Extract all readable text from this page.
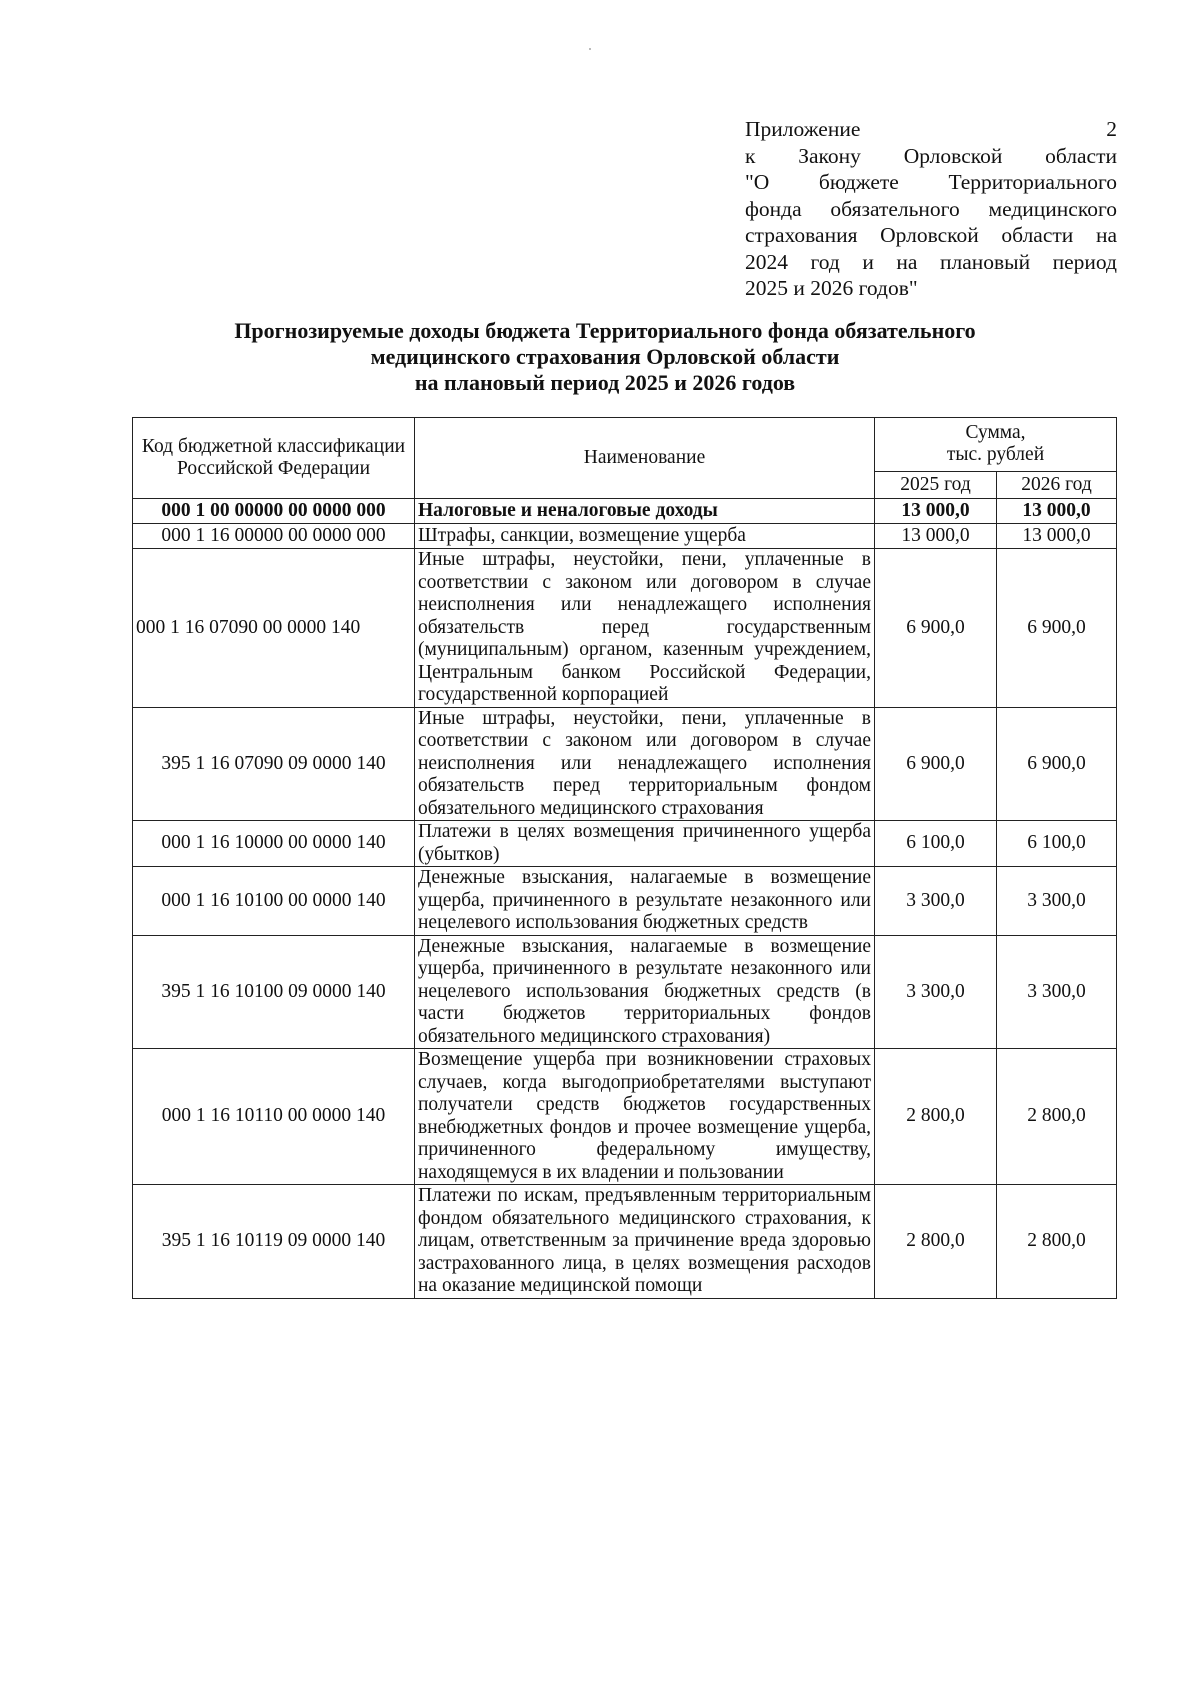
Приложение 2
к Закону Орловской области
"О бюджете Территориального
фонда обязательного медицинского
страхования Орловской области на
2024 год и на плановый период
2025 и 2026 годов"
Прогнозируемые доходы бюджета Территориального фонда обязательного
медицинского страхования Орловской области
на плановый период 2025 и 2026 годов
Код бюджетной классификации Российской Федерации	Наименование	Сумма,
тыс. рублей	

		2025 год	2026 год
000 1 00 00000 00 0000 000	Налоговые и неналоговые доходы	13 000,0	13 000,0
000 1 16 00000 00 0000 000	Штрафы, санкции, возмещение ущерба	13 000,0	13 000,0
000 1 16 07090 00 0000 140	Иные штрафы, неустойки, пени, уплаченные в соответствии с законом или договором в случае неисполнения или ненадлежащего исполнения обязательств перед государственным (муниципальным) органом, казенным учреждением, Центральным банком Российской Федерации, государственной корпорацией	6 900,0	6 900,0
395 1 16 07090 09 0000 140	Иные штрафы, неустойки, пени, уплаченные в соответствии с законом или договором в случае неисполнения или ненадлежащего исполнения обязательств перед территориальным фондом обязательного медицинского страхования	6 900,0	6 900,0
000 1 16 10000 00 0000 140	Платежи в целях возмещения причиненного ущерба (убытков)	6 100,0	6 100,0
000 1 16 10100 00 0000 140	Денежные взыскания, налагаемые в возмещение ущерба, причиненного в результате незаконного или нецелевого использования бюджетных средств	3 300,0	3 300,0
395 1 16 10100 09 0000 140	Денежные взыскания, налагаемые в возмещение ущерба, причиненного в результате незаконного или нецелевого использования бюджетных средств (в части бюджетов территориальных фондов обязательного медицинского страхования)	3 300,0	3 300,0
000 1 16 10110 00 0000 140	Возмещение ущерба при возникновении страховых случаев, когда выгодоприобретателями выступают получатели средств бюджетов государственных внебюджетных фондов и прочее возмещение ущерба, причиненного федеральному имуществу, находящемуся в их владении и пользовании	2 800,0	2 800,0
395 1 16 10119 09 0000 140	Платежи по искам, предъявленным территориальным фондом обязательного медицинского страхования, к лицам, ответственным за причинение вреда здоровью застрахованного лица, в целях возмещения расходов на оказание медицинской помощи	2 800,0	2 800,0
